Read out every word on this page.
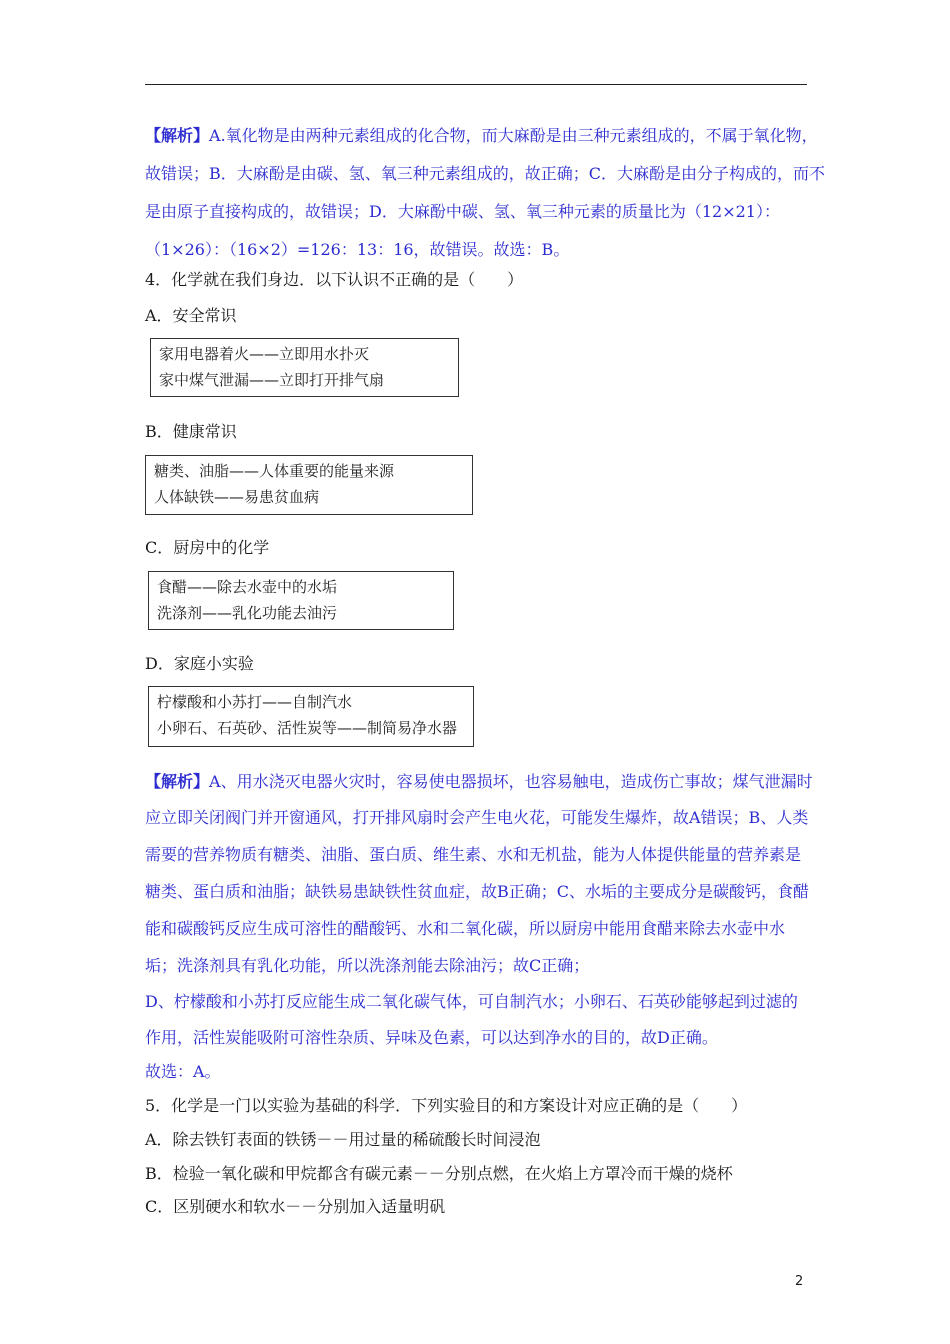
【解析】A.氧化物是由两种元素组成的化合物，而大麻酚是由三种元素组成的，不属于氧化物，
故错误；B．大麻酚是由碳、氢、氧三种元素组成的，故正确；C．大麻酚是由分子构成的，而不
是由原子直接构成的，故错误；D．大麻酚中碳、氢、氧三种元素的质量比为（12×21）：
（1×26）：（16×2）=126：13：16，故错误。故选：B。
4．化学就在我们身边．以下认识不正确的是（　　）
A．安全常识
家用电器着火——立即用水扑灭
家中煤气泄漏——立即打开排气扇
B．健康常识
糖类、油脂——人体重要的能量来源
人体缺铁——易患贫血病
C．厨房中的化学
食醋——除去水壶中的水垢
洗涤剂——乳化功能去油污
D．家庭小实验
柠檬酸和小苏打——自制汽水
小卵石、石英砂、活性炭等——制简易净水器
【解析】A、用水浇灭电器火灾时，容易使电器损坏，也容易触电，造成伤亡事故；煤气泄漏时
应立即关闭阀门并开窗通风，打开排风扇时会产生电火花，可能发生爆炸，故A错误；B、人类
需要的营养物质有糖类、油脂、蛋白质、维生素、水和无机盐，能为人体提供能量的营养素是
糖类、蛋白质和油脂；缺铁易患缺铁性贫血症，故B正确；C、水垢的主要成分是碳酸钙，食醋
能和碳酸钙反应生成可溶性的醋酸钙、水和二氧化碳，所以厨房中能用食醋来除去水壶中水
垢；洗涤剂具有乳化功能，所以洗涤剂能去除油污；故C正确；
D、柠檬酸和小苏打反应能生成二氧化碳气体，可自制汽水；小卵石、石英砂能够起到过滤的
作用，活性炭能吸附可溶性杂质、异味及色素，可以达到净水的目的，故D正确。
故选：A。
5．化学是一门以实验为基础的科学．下列实验目的和方案设计对应正确的是（　　）
A．除去铁钉表面的铁锈－－用过量的稀硫酸长时间浸泡
B．检验一氧化碳和甲烷都含有碳元素－－分别点燃，在火焰上方罩冷而干燥的烧杯
C．区别硬水和软水－－分别加入适量明矾
2
